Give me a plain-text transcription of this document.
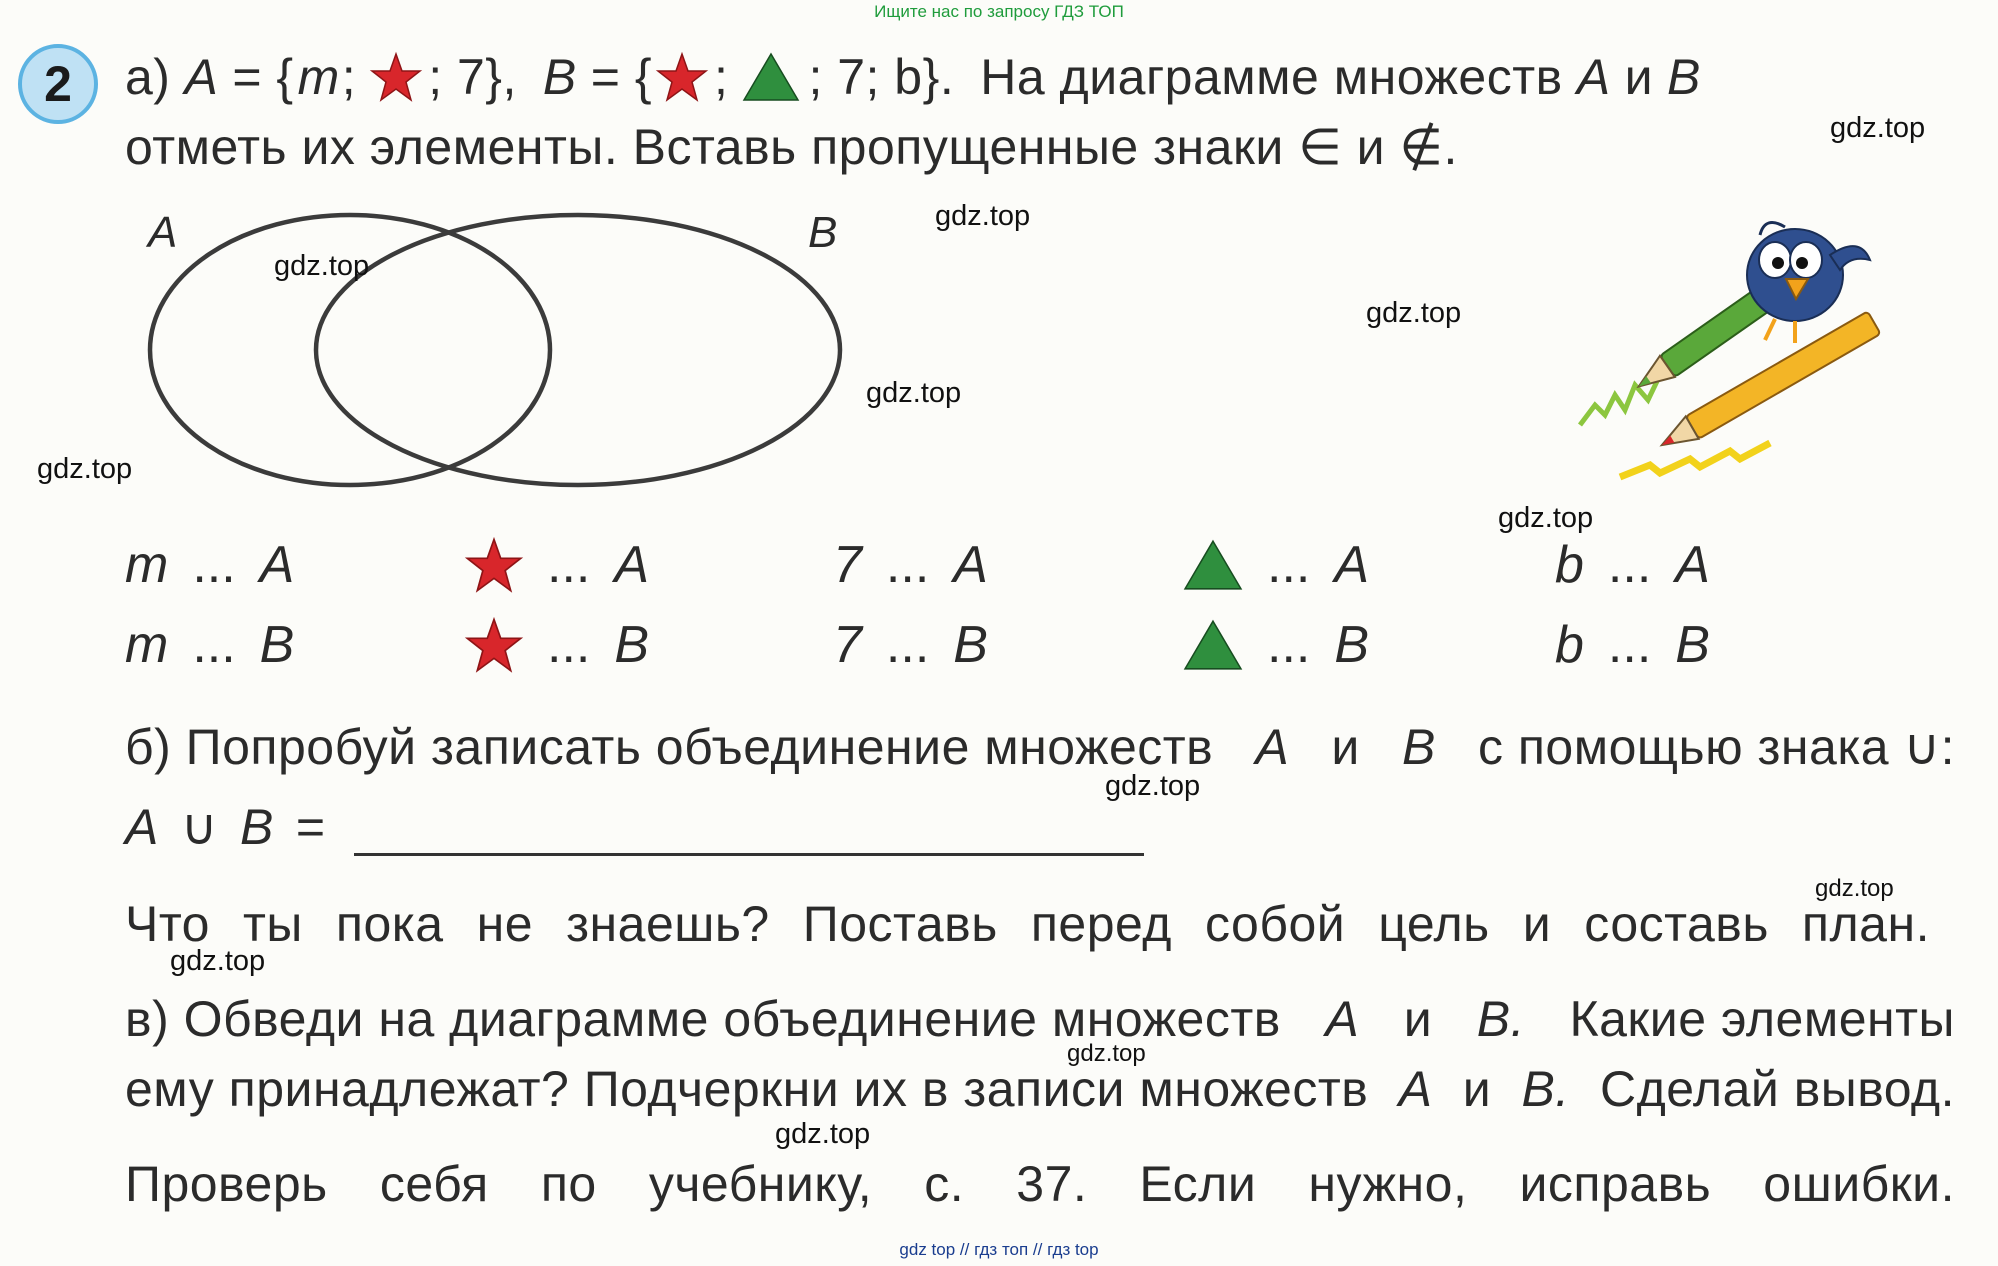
Ищите нас по запросу ГДЗ ТОП
2	а) A = { m ; ; 7}, B = { ; ; 7; b}. На диаграмме множеств A и B
отметь их элементы. Вставь пропущенные знаки ∈ и ∉.
A	B
m ... A	... A	7 ... A	... A	b ... A
m ... B	... B	7 ... B	... B	b ... B
б) Попробуй записать объединение множеств A и B с помощью знака ∪:
A ∪ B =
Что ты пока не знаешь? Поставь перед собой цель и составь план.
в) Обведи на диаграмме объединение множеств A и B. Какие элементы
ему принадлежат? Подчеркни их в записи множеств A и B. Сделай вывод.
Проверь себя по учебнику, с. 37. Если нужно, исправь ошибки.
gdz.top
gdz.top
gdz.top
gdz.top
gdz.top
gdz.top
gdz.top
gdz.top
gdz.top
gdz.top
gdz.top
gdz.top
gdz top // гдз топ // гдз top
